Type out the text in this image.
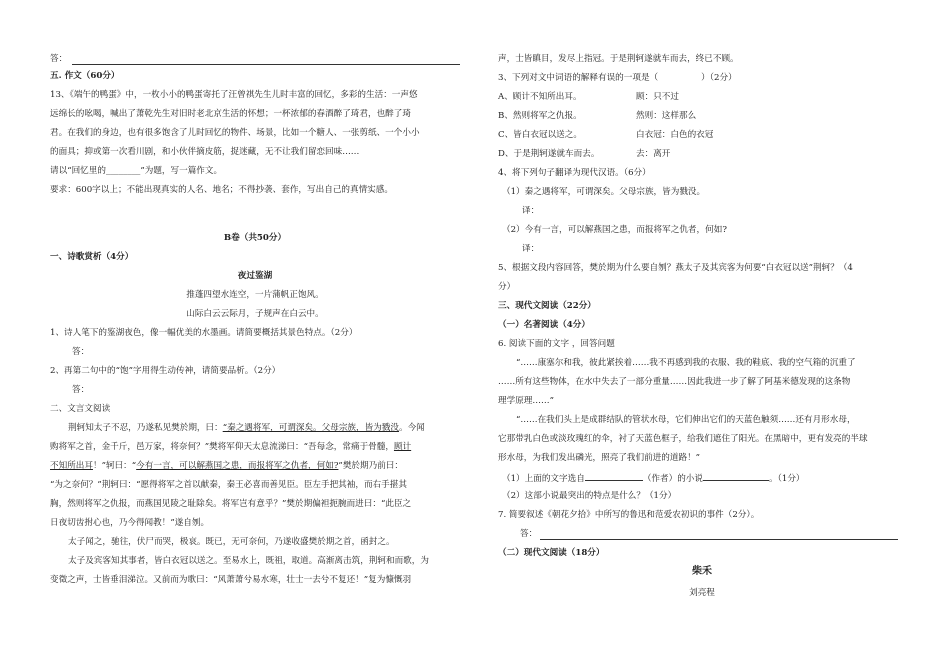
答：
五. 作文（60分）
13、《端午的鸭蛋》中，一枚小小的鸭蛋寄托了汪曾祺先生儿时丰富的回忆，多彩的生活：一声悠
远绵长的吆喝，喊出了萧乾先生对旧时老北京生活的怀想；一杯浓郁的春酒醉了琦君，也醉了琦
君。在我们的身边，也有很多饱含了儿时回忆的物件、场景，比如一个糖人、一张剪纸、一个小小
的面具；抑或第一次看川剧，和小伙伴摘皮筋，捉迷藏，无不让我们留恋回味……
请以“回忆里的________”为题，写一篇作文。
要求：600字以上；不能出现真实的人名、地名；不得抄袭、套作，写出自己的真情实感。
B卷（共50分）
一、诗歌赏析（4分）
夜过鉴湖
推蓬四望水连空，一片蒲帆正饱风。
山际白云云际月，子规声在白云中。
1、诗人笔下的鉴湖夜色，像一幅优美的水墨画。请简要概括其景色特点。（2分）
答：
2、再第二句中的“饱”字用得生动传神，请简要品析。（2分）
答：
二、文言文阅读
荆轲知太子不忍，乃遂私见樊於期，曰：“秦之遇将军，可谓深矣。父母宗族，皆为戮没。今闻
购将军之首，金千斤，邑万家，将奈何？”樊将军仰天太息流涕曰：“吾每念，常痛于骨髓，顾计
不知所出耳！”轲曰：“今有一言，可以解燕国之患，而报将军之仇者，何如?”樊於期乃前曰：
“为之奈何？”荆轲曰：“愿得将军之首以献秦，秦王必喜而善见臣。臣左手把其袖，而右手揕其
胸，然则将军之仇报，而燕国见陵之耻除矣。将军岂有意乎？”樊於期偏袒扼腕而进曰：“此臣之
日夜切齿拊心也，乃今得闻教！”遂自刎。
太子闻之，驰往，伏尸而哭，极哀。既已，无可奈何，乃遂收盛樊於期之首，函封之。
太子及宾客知其事者，皆白衣冠以送之。至易水上，既祖，取道。高渐离击筑，荆轲和而歌，为
变徵之声，士皆垂泪涕泣。又前而为歌曰：“风萧萧兮易水寒，壮士一去兮不复还！”复为慷慨羽
声，士皆瞋目，发尽上指冠。于是荆轲遂就车而去，终已不顾。
3、下列对文中词语的解释有误的一项是（　　　　　）（2分）
A、顾计不知所出耳。	顾：只不过
B、然则将军之仇报。	然则：这样那么
C、皆白衣冠以送之。	白衣冠：白色的衣冠
D、于是荆轲遂就车而去。	去：离开
4、将下列句子翻译为现代汉语。（6分）
（1）秦之遇将军，可谓深矣。父母宗族，皆为戮没。
译：
（2）今有一言，可以解燕国之患，而报将军之仇者，何如?
译：
5、根据文段内容回答，樊於期为什么要自刎？燕太子及其宾客为何要“白衣冠以送”荆轲？（4
分）
三、现代文阅读（22分）
（一）名著阅读（4分）
6. 阅读下面的文字 ，回答问题
“……康塞尔和我，彼此紧挨着……我不再感到我的衣服、我的鞋底、我的空气箱的沉重了
……所有这些物体，在水中失去了一部分重量……因此我进一步了解了阿基米德发现的这条物
理学原理……”
“……在我们头上是成群结队的管状水母，它们伸出它们的天蓝色触须……还有月形水母，
它那带乳白色或淡玫瑰红的伞，衬了天蓝色框子，给我们遮住了阳光。在黑暗中，更有发亮的半球
形水母，为我们发出磷光，照亮了我们前进的道路！”
（1）上面的文字选自	（作者）的小说	。（1分）
（2）这部小说最突出的特点是什么？（1分）
7. 简要叙述《朝花夕拾》中所写的鲁迅和范爱农初识的事件（2分）。
答：
（二）现代文阅读（18分）
柴禾
刘亮程
